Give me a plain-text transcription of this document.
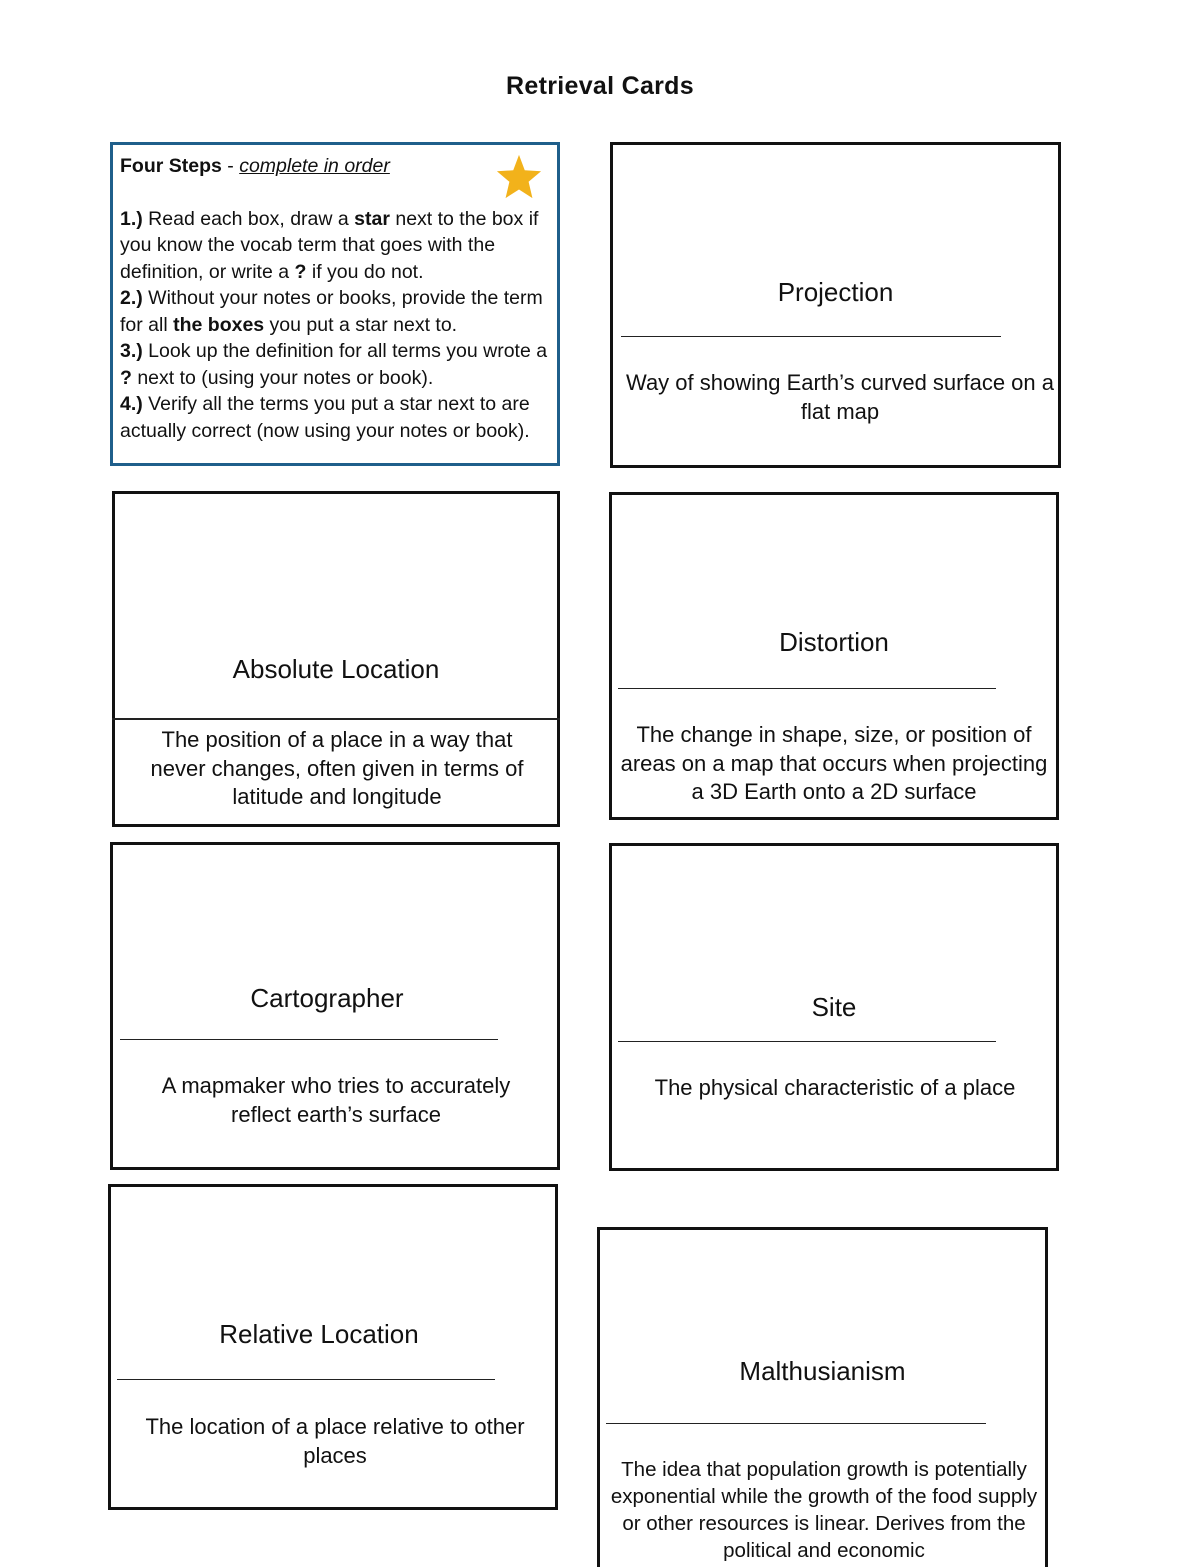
Retrieval Cards
Four Steps - complete in order

1.) Read each box, draw a star next to the box if you know the vocab term that goes with the definition, or write a ? if you do not.

2.) Without your notes or books, provide the term for all the boxes you put a star next to.

3.) Look up the definition for all terms you wrote a ? next to (using your notes or book).

4.) Verify all the terms you put a star next to are actually correct (now using your notes or book).

Projection
Way of showing Earth’s curved surface on a flat map
Absolute Location
The position of a place in a way that never changes, often given in terms of latitude and longitude
Distortion
The change in shape, size, or position of areas on a map that occurs when projecting a 3D Earth onto a 2D surface
Cartographer
A mapmaker who tries to accurately reflect earth’s surface
Site
The physical characteristic of a place
Relative Location
The location of a place relative to other places
Malthusianism
The idea that population growth is potentially exponential while the growth of the food supply or other resources is linear. Derives from the political and economic
